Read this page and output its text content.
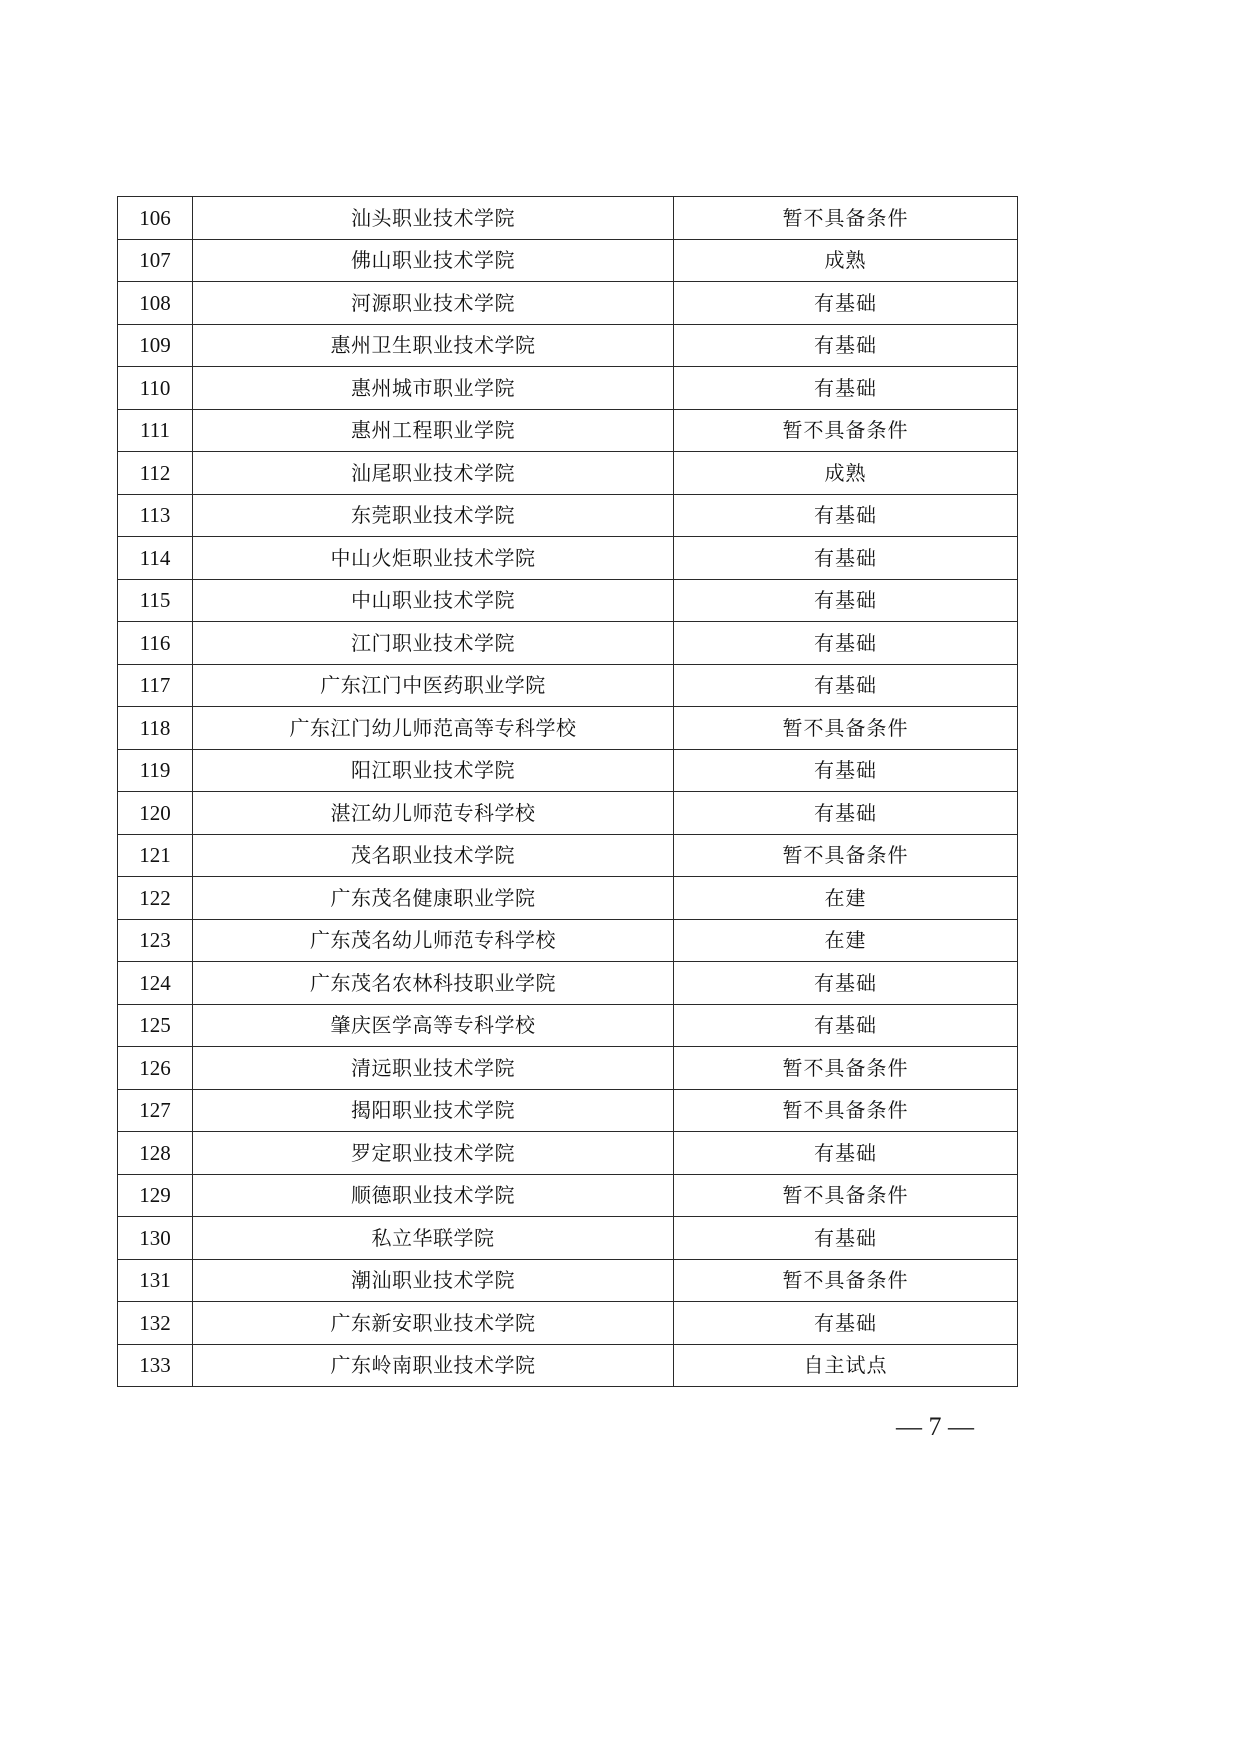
106	汕头职业技术学院	暂不具备条件
107	佛山职业技术学院	成熟
108	河源职业技术学院	有基础
109	惠州卫生职业技术学院	有基础
110	惠州城市职业学院	有基础
111	惠州工程职业学院	暂不具备条件
112	汕尾职业技术学院	成熟
113	东莞职业技术学院	有基础
114	中山火炬职业技术学院	有基础
115	中山职业技术学院	有基础
116	江门职业技术学院	有基础
117	广东江门中医药职业学院	有基础
118	广东江门幼儿师范高等专科学校	暂不具备条件
119	阳江职业技术学院	有基础
120	湛江幼儿师范专科学校	有基础
121	茂名职业技术学院	暂不具备条件
122	广东茂名健康职业学院	在建
123	广东茂名幼儿师范专科学校	在建
124	广东茂名农林科技职业学院	有基础
125	肇庆医学高等专科学校	有基础
126	清远职业技术学院	暂不具备条件
127	揭阳职业技术学院	暂不具备条件
128	罗定职业技术学院	有基础
129	顺德职业技术学院	暂不具备条件
130	私立华联学院	有基础
131	潮汕职业技术学院	暂不具备条件
132	广东新安职业技术学院	有基础
133	广东岭南职业技术学院	自主试点
— 7 —
